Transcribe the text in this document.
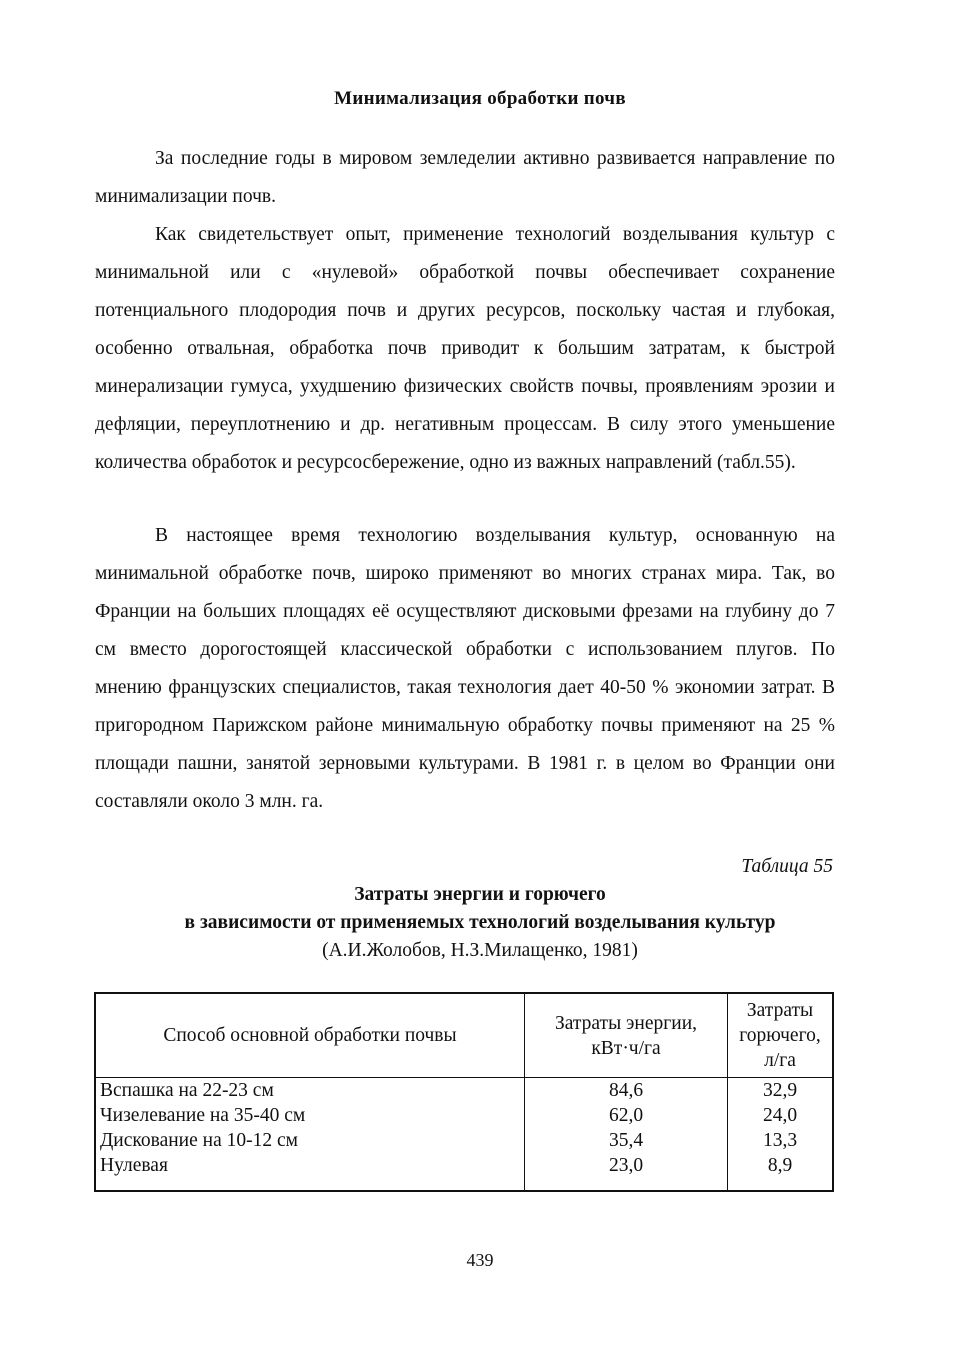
Минимализация обработки почв

За последние годы в мировом земледелии активно развивается направление по минимализации почв.

Как свидетельствует опыт, применение технологий возделывания культур с минимальной или с «нулевой» обработкой почвы обеспечивает сохранение потенциального плодородия почв и других ресурсов, поскольку частая и глубокая, особенно отвальная, обработка почв приводит к большим затратам, к быстрой минерализации гумуса, ухудшению физических свойств почвы, проявлениям эрозии и дефляции, переуплотнению и др. негативным процессам. В силу этого уменьшение количества обработок и ресурсосбережение, одно из важных направлений (табл.55).

В настоящее время технологию возделывания культур, основанную на минимальной обработке почв, широко применяют во многих странах мира. Так, во Франции на больших площадях её осуществляют дисковыми фрезами на глубину до 7 см вместо дорогостоящей классической обработки с использованием плугов. По мнению французских специалистов, такая технология дает 40-50 % экономии затрат. В пригородном Парижском районе минимальную обработку почвы применяют на 25 % площади пашни, занятой зерновыми культурами. В 1981 г. в целом во Франции они составляли около 3 млн. га.

Таблица 55
Затраты энергии и горючего
в зависимости от применяемых технологий возделывания культур
(А.И.Жолобов, Н.З.Милащенко, 1981)
Способ основной обработки почвы	Затраты энергии, кВт·ч/га	Затраты горючего, л/га
Вспашка на 22-23 см	84,6	32,9
Чизелевание на 35-40 см	62,0	24,0
Дискование на 10-12 см	35,4	13,3
Нулевая	23,0	8,9
439
